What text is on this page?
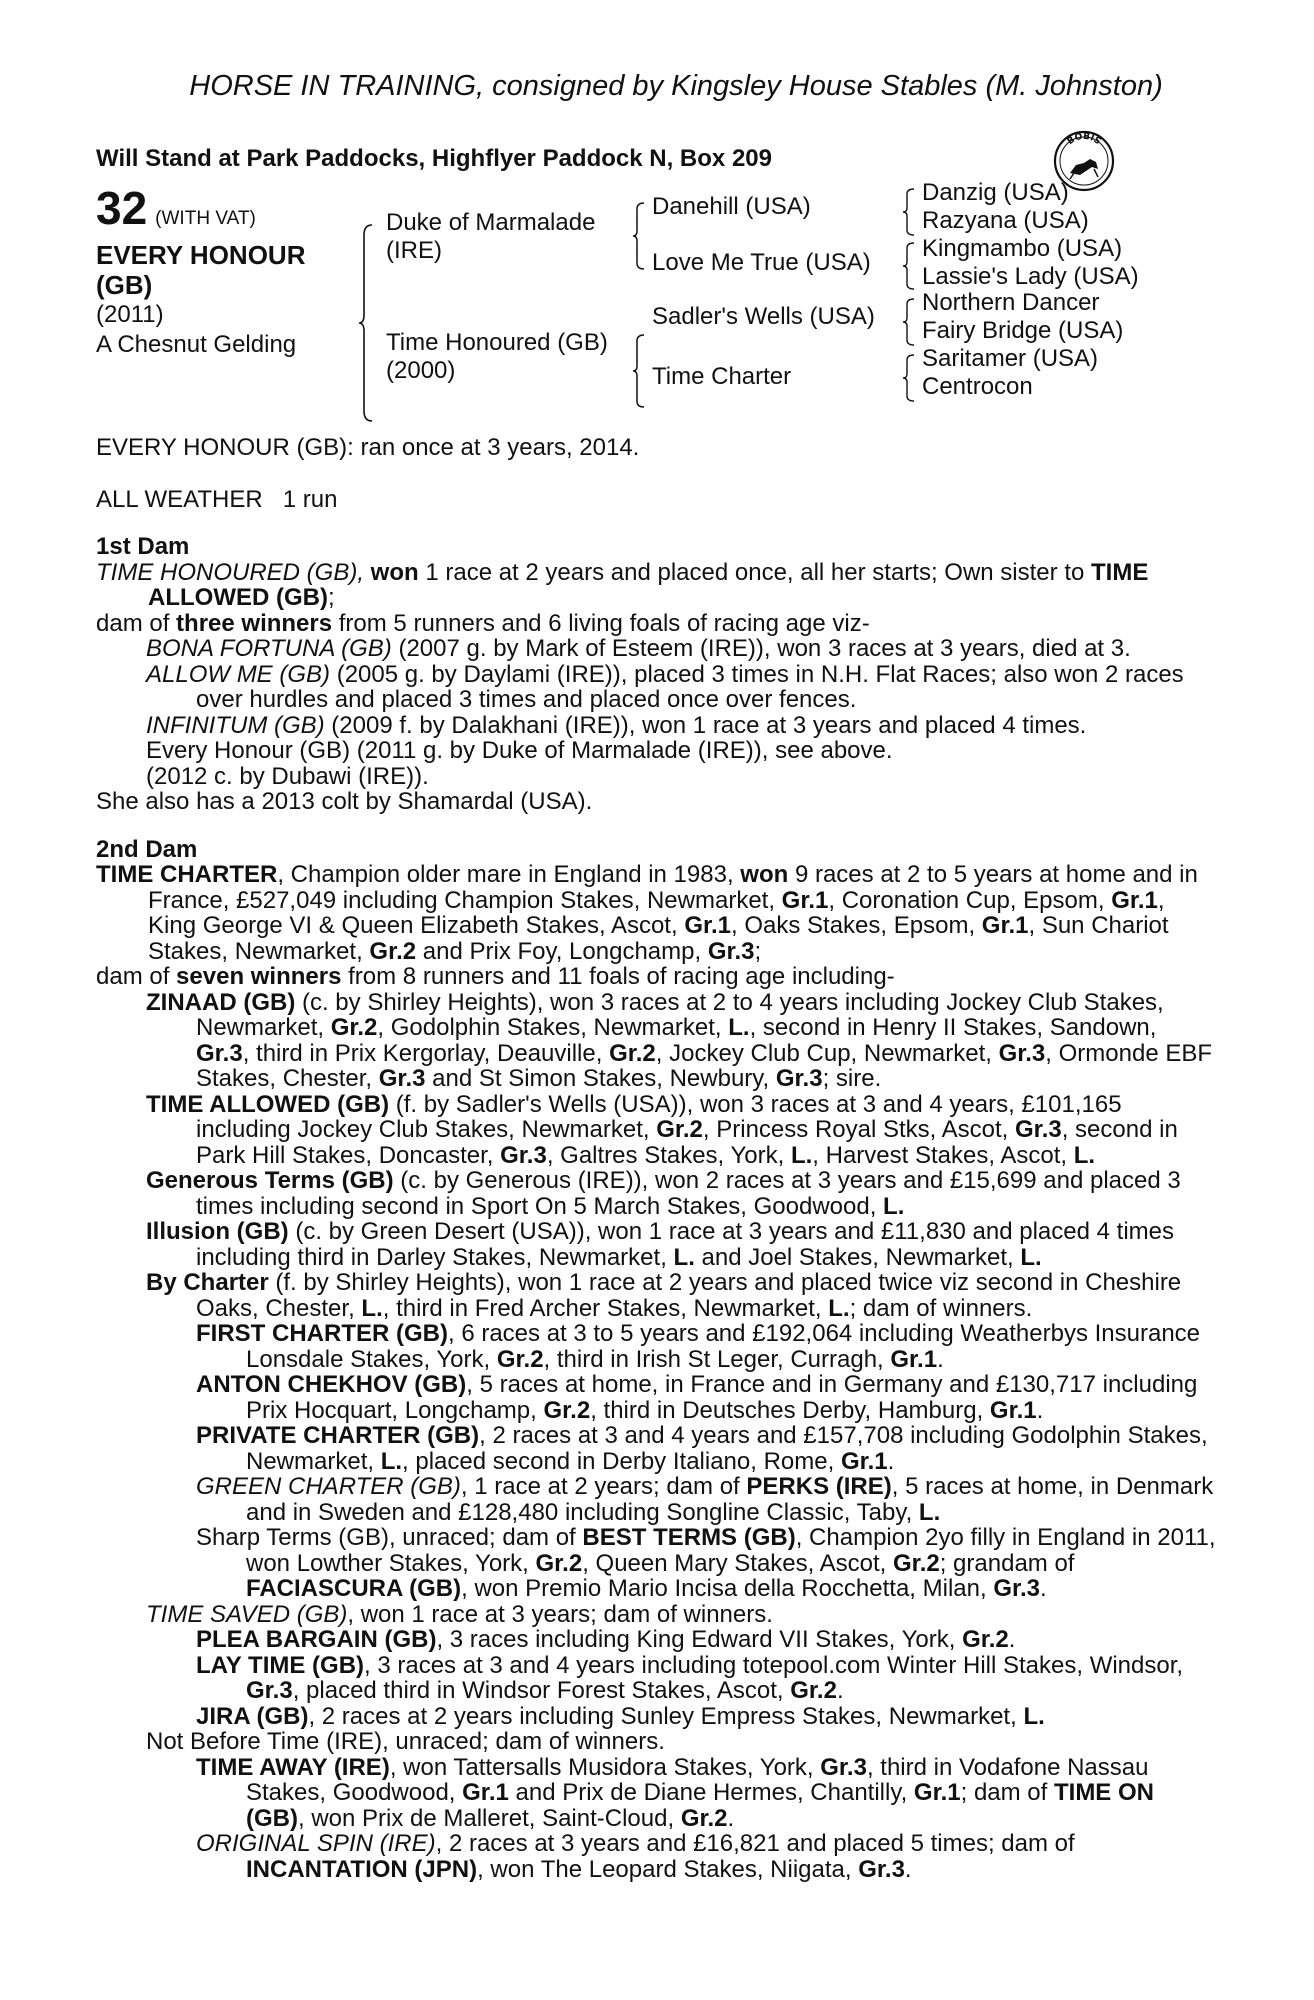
HORSE IN TRAINING, consigned by Kingsley House Stables (M. Johnston)
Will Stand at Park Paddocks, Highflyer Paddock N, Box 209
BOBIS
32 (WITH VAT)
EVERY HONOUR
(GB)
(2011)
A Chesnut Gelding
Duke of Marmalade
(IRE)
Time Honoured (GB)
(2000)
Danehill (USA)
Love Me True (USA)
Sadler's Wells (USA)
Time Charter
Danzig (USA)
Razyana (USA)
Kingmambo (USA)
Lassie's Lady (USA)
Northern Dancer
Fairy Bridge (USA)
Saritamer (USA)
Centrocon

EVERY HONOUR (GB): ran once at 3 years, 2014.

ALL WEATHER 1 run

1st Dam

TIME HONOURED (GB), won 1 race at 2 years and placed once, all her starts; Own sister to TIME ALLOWED (GB);

dam of three winners from 5 runners and 6 living foals of racing age viz-

BONA FORTUNA (GB) (2007 g. by Mark of Esteem (IRE)), won 3 races at 3 years, died at 3.

ALLOW ME (GB) (2005 g. by Daylami (IRE)), placed 3 times in N.H. Flat Races; also won 2 races over hurdles and placed 3 times and placed once over fences.

INFINITUM (GB) (2009 f. by Dalakhani (IRE)), won 1 race at 3 years and placed 4 times.

Every Honour (GB) (2011 g. by Duke of Marmalade (IRE)), see above.

(2012 c. by Dubawi (IRE)).

She also has a 2013 colt by Shamardal (USA).

2nd Dam

TIME CHARTER, Champion older mare in England in 1983, won 9 races at 2 to 5 years at home and in France, £527,049 including Champion Stakes, Newmarket, Gr.1, Coronation Cup, Epsom, Gr.1, King George VI & Queen Elizabeth Stakes, Ascot, Gr.1, Oaks Stakes, Epsom, Gr.1, Sun Chariot Stakes, Newmarket, Gr.2 and Prix Foy, Longchamp, Gr.3;

dam of seven winners from 8 runners and 11 foals of racing age including-

ZINAAD (GB) (c. by Shirley Heights), won 3 races at 2 to 4 years including Jockey Club Stakes, Newmarket, Gr.2, Godolphin Stakes, Newmarket, L., second in Henry II Stakes, Sandown, Gr.3, third in Prix Kergorlay, Deauville, Gr.2, Jockey Club Cup, Newmarket, Gr.3, Ormonde EBF Stakes, Chester, Gr.3 and St Simon Stakes, Newbury, Gr.3; sire.

TIME ALLOWED (GB) (f. by Sadler's Wells (USA)), won 3 races at 3 and 4 years, £101,165 including Jockey Club Stakes, Newmarket, Gr.2, Princess Royal Stks, Ascot, Gr.3, second in Park Hill Stakes, Doncaster, Gr.3, Galtres Stakes, York, L., Harvest Stakes, Ascot, L.

Generous Terms (GB) (c. by Generous (IRE)), won 2 races at 3 years and £15,699 and placed 3 times including second in Sport On 5 March Stakes, Goodwood, L.

Illusion (GB) (c. by Green Desert (USA)), won 1 race at 3 years and £11,830 and placed 4 times including third in Darley Stakes, Newmarket, L. and Joel Stakes, Newmarket, L.

By Charter (f. by Shirley Heights), won 1 race at 2 years and placed twice viz second in Cheshire Oaks, Chester, L., third in Fred Archer Stakes, Newmarket, L.; dam of winners.

FIRST CHARTER (GB), 6 races at 3 to 5 years and £192,064 including Weatherbys Insurance Lonsdale Stakes, York, Gr.2, third in Irish St Leger, Curragh, Gr.1.

ANTON CHEKHOV (GB), 5 races at home, in France and in Germany and £130,717 including Prix Hocquart, Longchamp, Gr.2, third in Deutsches Derby, Hamburg, Gr.1.

PRIVATE CHARTER (GB), 2 races at 3 and 4 years and £157,708 including Godolphin Stakes, Newmarket, L., placed second in Derby Italiano, Rome, Gr.1.

GREEN CHARTER (GB), 1 race at 2 years; dam of PERKS (IRE), 5 races at home, in Denmark and in Sweden and £128,480 including Songline Classic, Taby, L.

Sharp Terms (GB), unraced; dam of BEST TERMS (GB), Champion 2yo filly in England in 2011, won Lowther Stakes, York, Gr.2, Queen Mary Stakes, Ascot, Gr.2; grandam of FACIASCURA (GB), won Premio Mario Incisa della Rocchetta, Milan, Gr.3.

TIME SAVED (GB), won 1 race at 3 years; dam of winners.

PLEA BARGAIN (GB), 3 races including King Edward VII Stakes, York, Gr.2.

LAY TIME (GB), 3 races at 3 and 4 years including totepool.com Winter Hill Stakes, Windsor, Gr.3, placed third in Windsor Forest Stakes, Ascot, Gr.2.

JIRA (GB), 2 races at 2 years including Sunley Empress Stakes, Newmarket, L.

Not Before Time (IRE), unraced; dam of winners.

TIME AWAY (IRE), won Tattersalls Musidora Stakes, York, Gr.3, third in Vodafone Nassau Stakes, Goodwood, Gr.1 and Prix de Diane Hermes, Chantilly, Gr.1; dam of TIME ON (GB), won Prix de Malleret, Saint-Cloud, Gr.2.

ORIGINAL SPIN (IRE), 2 races at 3 years and £16,821 and placed 5 times; dam of INCANTATION (JPN), won The Leopard Stakes, Niigata, Gr.3.
